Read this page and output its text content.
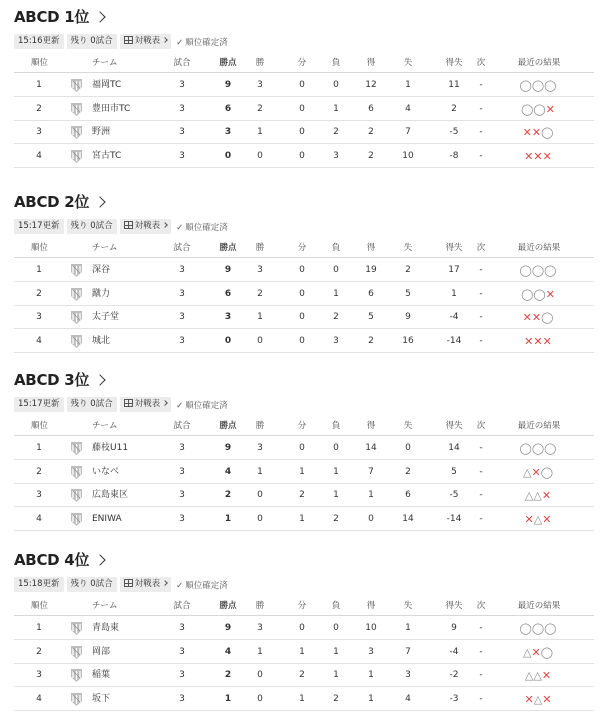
ABCD 1位
15:16更新	残り 0試合	対戦表	✓ 順位確定済
順位	チーム	試合	勝点	勝	分	負	得	失	得失	次	最近の結果
1	福岡TC	3	9	3	0	0	12	1	11	-	◯◯◯
2	豊田市TC	3	6	2	0	1	6	4	2	-	◯◯✕
3	野洲	3	3	1	0	2	2	7	-5	-	✕✕◯
4	宮古TC	3	0	0	0	3	2	10	-8	-	✕✕✕
ABCD 2位
15:17更新	残り 0試合	対戦表	✓ 順位確定済
順位	チーム	試合	勝点	勝	分	負	得	失	得失	次	最近の結果
1	深谷	3	9	3	0	0	19	2	17	-	◯◯◯
2	蹴力	3	6	2	0	1	6	5	1	-	◯◯✕
3	太子堂	3	3	1	0	2	5	9	-4	-	✕✕◯
4	城北	3	0	0	0	3	2	16	-14	-	✕✕✕
ABCD 3位
15:17更新	残り 0試合	対戦表	✓ 順位確定済
順位	チーム	試合	勝点	勝	分	負	得	失	得失	次	最近の結果
1	藤枝U11	3	9	3	0	0	14	0	14	-	◯◯◯
2	いなべ	3	4	1	1	1	7	2	5	-	△✕◯
3	広島東区	3	2	0	2	1	1	6	-5	-	△△✕
4	ENIWA	3	1	0	1	2	0	14	-14	-	✕△✕
ABCD 4位
15:18更新	残り 0試合	対戦表	✓ 順位確定済
順位	チーム	試合	勝点	勝	分	負	得	失	得失	次	最近の結果
1	青島東	3	9	3	0	0	10	1	9	-	◯◯◯
2	岡部	3	4	1	1	1	3	7	-4	-	△✕◯
3	稲葉	3	2	0	2	1	1	3	-2	-	△△✕
4	坂下	3	1	0	1	2	1	4	-3	-	✕△✕
